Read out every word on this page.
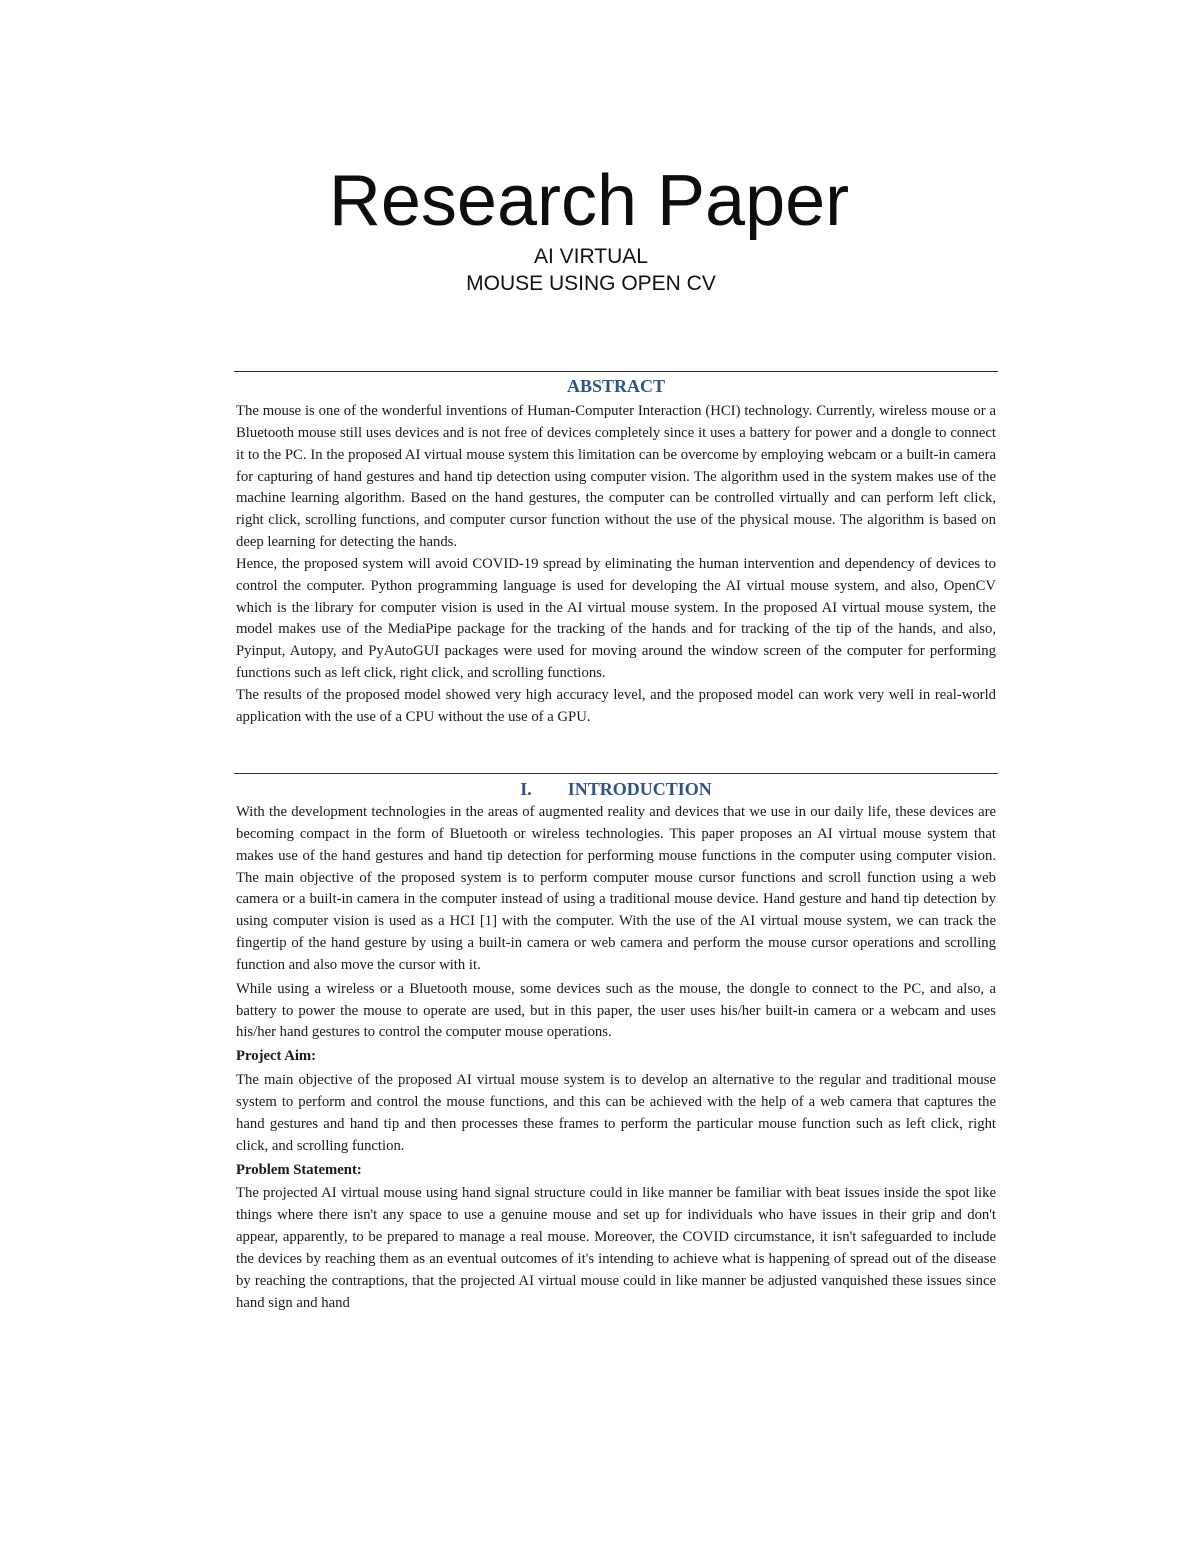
Research Paper
AI VIRTUAL
MOUSE USING OPEN CV
ABSTRACT

The mouse is one of the wonderful inventions of Human-Computer Interaction (HCI) technology. Currently, wireless mouse or a Bluetooth mouse still uses devices and is not free of devices completely since it uses a battery for power and a dongle to connect it to the PC. In the proposed AI virtual mouse system this limitation can be overcome by employing webcam or a built-in camera for capturing of hand gestures and hand tip detection using computer vision. The algorithm used in the system makes use of the machine learning algorithm. Based on the hand gestures, the computer can be controlled virtually and can perform left click, right click, scrolling functions, and computer cursor function without the use of the physical mouse. The algorithm is based on deep learning for detecting the hands.

Hence, the proposed system will avoid COVID-19 spread by eliminating the human intervention and dependency of devices to control the computer. Python programming language is used for developing the AI virtual mouse system, and also, OpenCV which is the library for computer vision is used in the AI virtual mouse system. In the proposed AI virtual mouse system, the model makes use of the MediaPipe package for the tracking of the hands and for tracking of the tip of the hands, and also, Pyinput, Autopy, and PyAutoGUI packages were used for moving around the window screen of the computer for performing functions such as left click, right click, and scrolling functions.

The results of the proposed model showed very high accuracy level, and the proposed model can work very well in real-world application with the use of a CPU without the use of a GPU.

I. INTRODUCTION

With the development technologies in the areas of augmented reality and devices that we use in our daily life, these devices are becoming compact in the form of Bluetooth or wireless technologies. This paper proposes an AI virtual mouse system that makes use of the hand gestures and hand tip detection for performing mouse functions in the computer using computer vision. The main objective of the proposed system is to perform computer mouse cursor functions and scroll function using a web camera or a built-in camera in the computer instead of using a traditional mouse device. Hand gesture and hand tip detection by using computer vision is used as a HCI [1] with the computer. With the use of the AI virtual mouse system, we can track the fingertip of the hand gesture by using a built-in camera or web camera and perform the mouse cursor operations and scrolling function and also move the cursor with it.

While using a wireless or a Bluetooth mouse, some devices such as the mouse, the dongle to connect to the PC, and also, a battery to power the mouse to operate are used, but in this paper, the user uses his/her built-in camera or a webcam and uses his/her hand gestures to control the computer mouse operations.

Project Aim:

The main objective of the proposed AI virtual mouse system is to develop an alternative to the regular and traditional mouse system to perform and control the mouse functions, and this can be achieved with the help of a web camera that captures the hand gestures and hand tip and then processes these frames to perform the particular mouse function such as left click, right click, and scrolling function.

Problem Statement:

The projected AI virtual mouse using hand signal structure could in like manner be familiar with beat issues inside the spot like things where there isn't any space to use a genuine mouse and set up for individuals who have issues in their grip and don't appear, apparently, to be prepared to manage a real mouse. Moreover, the COVID circumstance, it isn't safeguarded to include the devices by reaching them as an eventual outcomes of it's intending to achieve what is happening of spread out of the disease by reaching the contraptions, that the projected AI virtual mouse could in like manner be adjusted vanquished these issues since hand sign and hand
